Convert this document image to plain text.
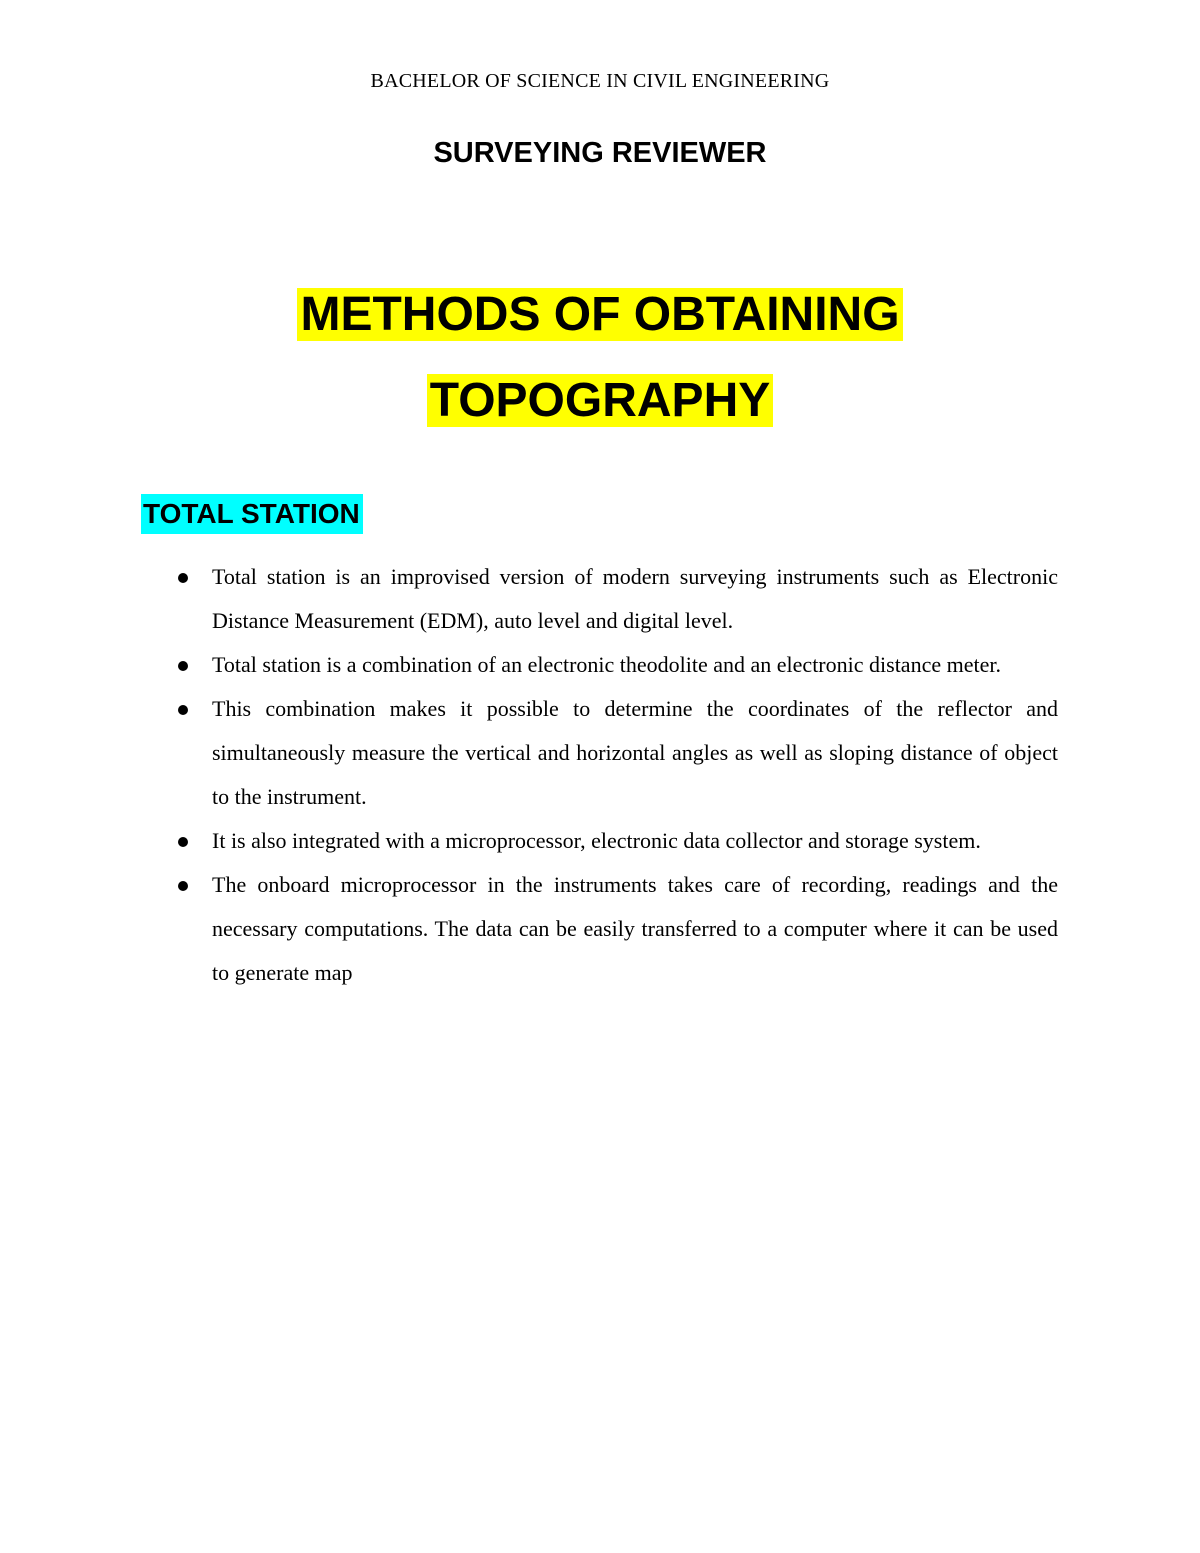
BACHELOR OF SCIENCE IN CIVIL ENGINEERING
SURVEYING REVIEWER
METHODS OF OBTAINING
TOPOGRAPHY
TOTAL STATION
Total station is an improvised version of modern surveying instruments such as Electronic Distance Measurement (EDM), auto level and digital level.
Total station is a combination of an electronic theodolite and an electronic distance meter.
This combination makes it possible to determine the coordinates of the reflector and simultaneously measure the vertical and horizontal angles as well as sloping distance of object to the instrument.
It is also integrated with a microprocessor, electronic data collector and storage system.
The onboard microprocessor in the instruments takes care of recording, readings and the necessary computations. The data can be easily transferred to a computer where it can be used to generate map
